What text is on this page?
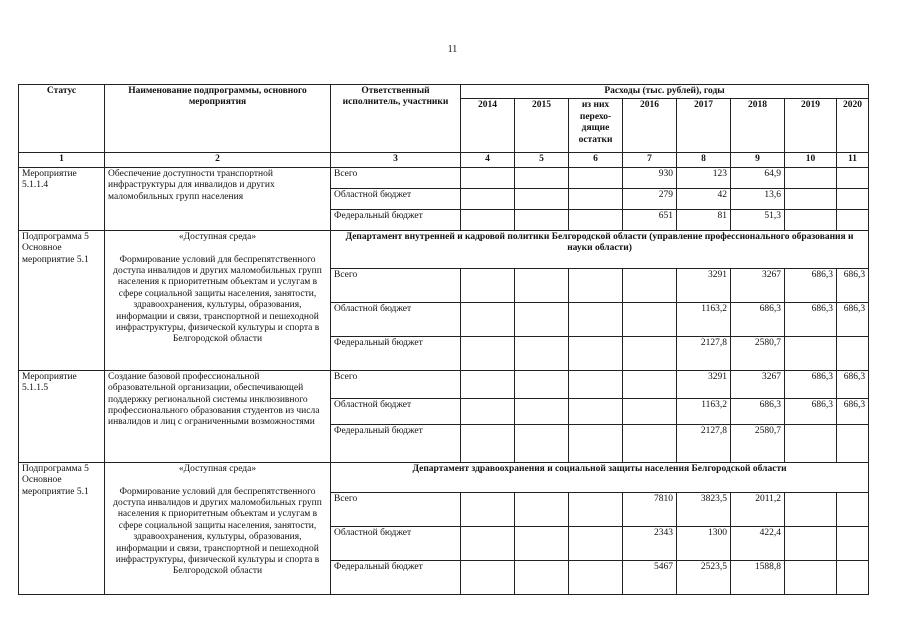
11
Статус	Наименование подпрограммы, основного мероприятия	Ответственный исполнитель, участники	Расходы (тыс. рублей), годы							
			2014	2015	из них перехо-дящие остатки	2016	2017	2018	2019	2020
1	2	3	4	5	6	7	8	9	10	11
Мероприятие 5.1.1.4	Обеспечение доступности транспортной инфраструктуры для инвалидов и других маломобильных групп населения	Всего				930	123	64,9		
		Областной бюджет				279	42	13,6		
		Федеральный бюджет				651	81	51,3		
Подпрограмма 5 Основное мероприятие 5.1	«Доступная среда»

Формирование условий для беспрепятственного доступа инвалидов и других маломобильных групп населения к приоритетным объектам и услугам в сфере социальной защиты населения, занятости, здравоохранения, культуры, образования, информации и связи, транспортной и пешеходной инфраструктуры, физической культуры и спорта в Белгородской области	Департамент внутренней и кадровой политики Белгородской области (управление профессионального образования и науки области)								
		Всего					3291	3267	686,3	686,3
		Областной бюджет					1163,2	686,3	686,3	686,3
		Федеральный бюджет					2127,8	2580,7		
Мероприятие 5.1.1.5	Создание базовой профессиональной образовательной организации, обеспечивающей поддержку региональной системы инклюзивного профессионального образования студентов из числа инвалидов и лиц с ограниченными возможностями	Всего					3291	3267	686,3	686,3
		Областной бюджет					1163,2	686,3	686,3	686,3
		Федеральный бюджет					2127,8	2580,7		
Подпрограмма 5 Основное мероприятие 5.1	«Доступная среда»

Формирование условий для беспрепятственного доступа инвалидов и других маломобильных групп населения к приоритетным объектам и услугам в сфере социальной защиты населения, занятости, здравоохранения, культуры, образования, информации и связи, транспортной и пешеходной инфраструктуры, физической культуры и спорта в Белгородской области	Департамент здравоохранения и социальной защиты населения Белгородской области								
		Всего				7810	3823,5	2011,2		
		Областной бюджет				2343	1300	422,4		
		Федеральный бюджет				5467	2523,5	1588,8		
